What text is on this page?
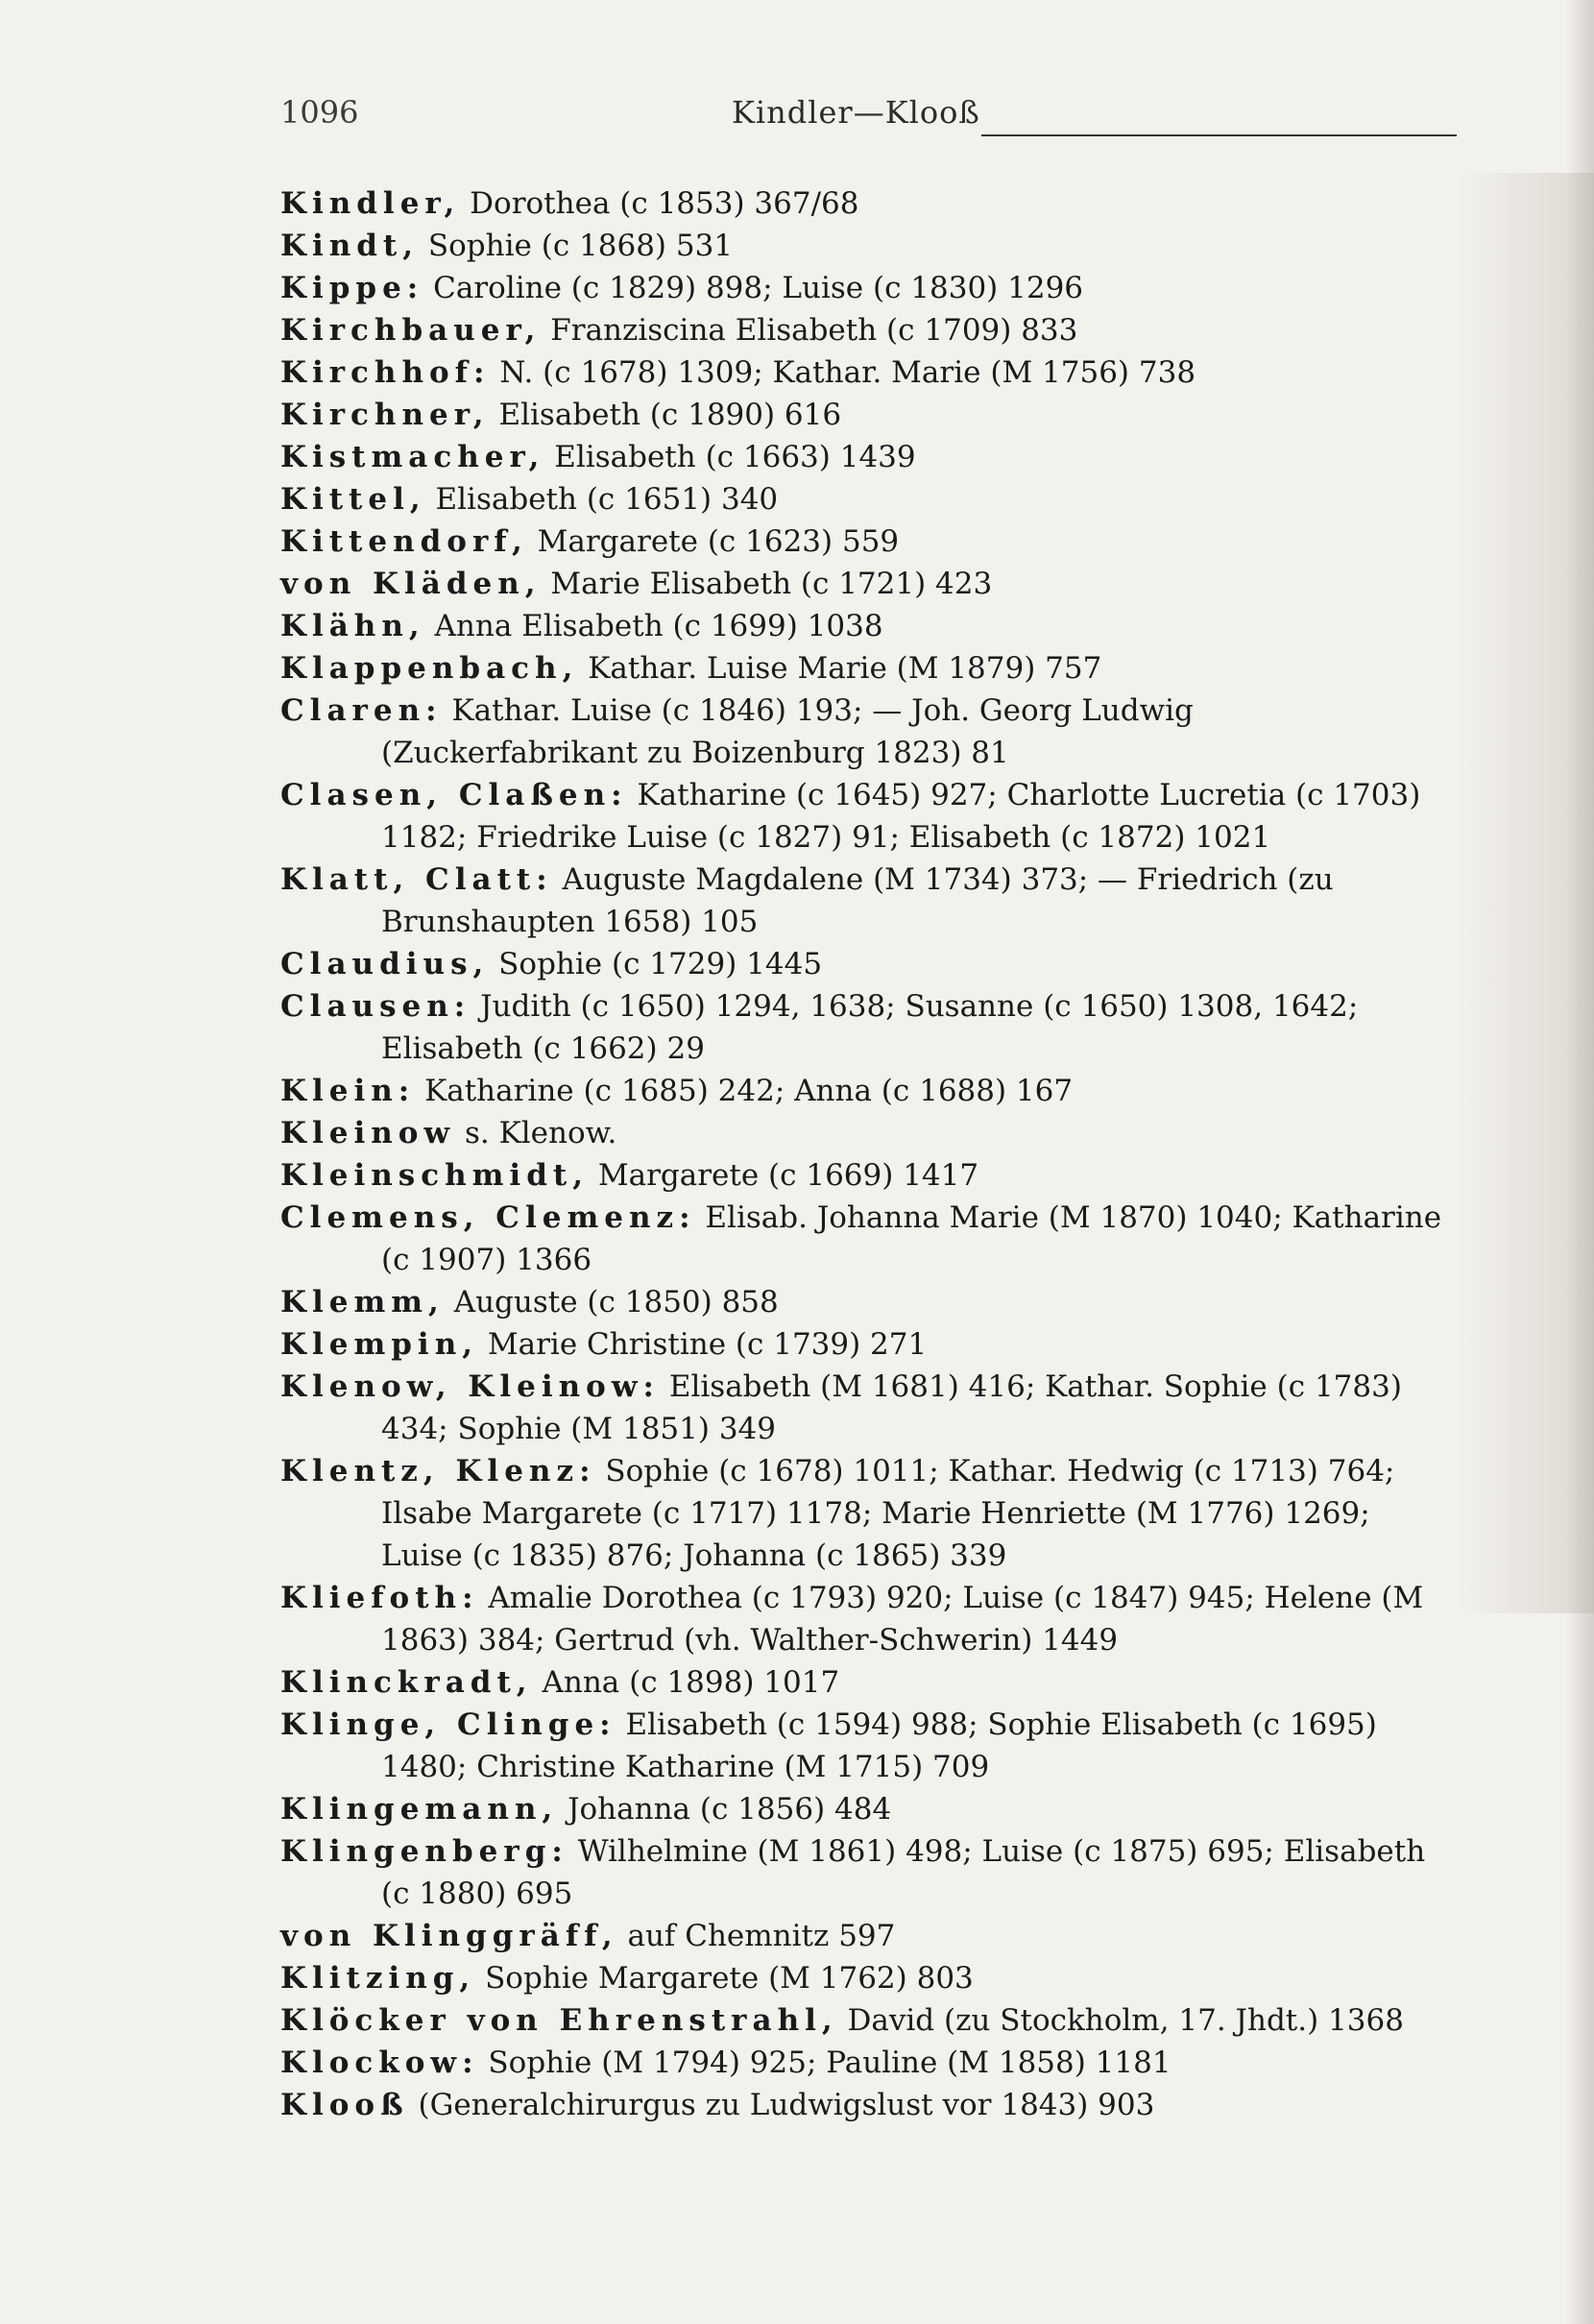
1096	Kindler—Klooß
Kindler, Dorothea (c 1853) 367/68
Kindt, Sophie (c 1868) 531
Kippe: Caroline (c 1829) 898; Luise (c 1830) 1296
Kirchbauer, Franziscina Elisabeth (c 1709) 833
Kirchhof: N. (c 1678) 1309; Kathar. Marie (M 1756) 738
Kirchner, Elisabeth (c 1890) 616
Kistmacher, Elisabeth (c 1663) 1439
Kittel, Elisabeth (c 1651) 340
Kittendorf, Margarete (c 1623) 559
von Kläden, Marie Elisabeth (c 1721) 423
Klähn, Anna Elisabeth (c 1699) 1038
Klappenbach, Kathar. Luise Marie (M 1879) 757
Claren: Kathar. Luise (c 1846) 193; — Joh. Georg Ludwig (Zuckerfabrikant zu Boizenburg 1823) 81
Clasen, Claßen: Katharine (c 1645) 927; Charlotte Lucretia (c 1703) 1182; Friedrike Luise (c 1827) 91; Elisabeth (c 1872) 1021
Klatt, Clatt: Auguste Magdalene (M 1734) 373; — Friedrich (zu Brunshaupten 1658) 105
Claudius, Sophie (c 1729) 1445
Clausen: Judith (c 1650) 1294, 1638; Susanne (c 1650) 1308, 1642; Elisabeth (c 1662) 29
Klein: Katharine (c 1685) 242; Anna (c 1688) 167
Kleinow s. Klenow.
Kleinschmidt, Margarete (c 1669) 1417
Clemens, Clemenz: Elisab. Johanna Marie (M 1870) 1040; Katharine (c 1907) 1366
Klemm, Auguste (c 1850) 858
Klempin, Marie Christine (c 1739) 271
Klenow, Kleinow: Elisabeth (M 1681) 416; Kathar. Sophie (c 1783) 434; Sophie (M 1851) 349
Klentz, Klenz: Sophie (c 1678) 1011; Kathar. Hedwig (c 1713) 764; Ilsabe Margarete (c 1717) 1178; Marie Henriette (M 1776) 1269; Luise (c 1835) 876; Johanna (c 1865) 339
Kliefoth: Amalie Dorothea (c 1793) 920; Luise (c 1847) 945; Helene (M 1863) 384; Gertrud (vh. Walther-Schwerin) 1449
Klinckradt, Anna (c 1898) 1017
Klinge, Clinge: Elisabeth (c 1594) 988; Sophie Elisabeth (c 1695) 1480; Christine Katharine (M 1715) 709
Klingemann, Johanna (c 1856) 484
Klingenberg: Wilhelmine (M 1861) 498; Luise (c 1875) 695; Elisabeth (c 1880) 695
von Klinggräff, auf Chemnitz 597
Klitzing, Sophie Margarete (M 1762) 803
Klöcker von Ehrenstrahl, David (zu Stockholm, 17. Jhdt.) 1368
Klockow: Sophie (M 1794) 925; Pauline (M 1858) 1181
Klooß (Generalchirurgus zu Ludwigslust vor 1843) 903
